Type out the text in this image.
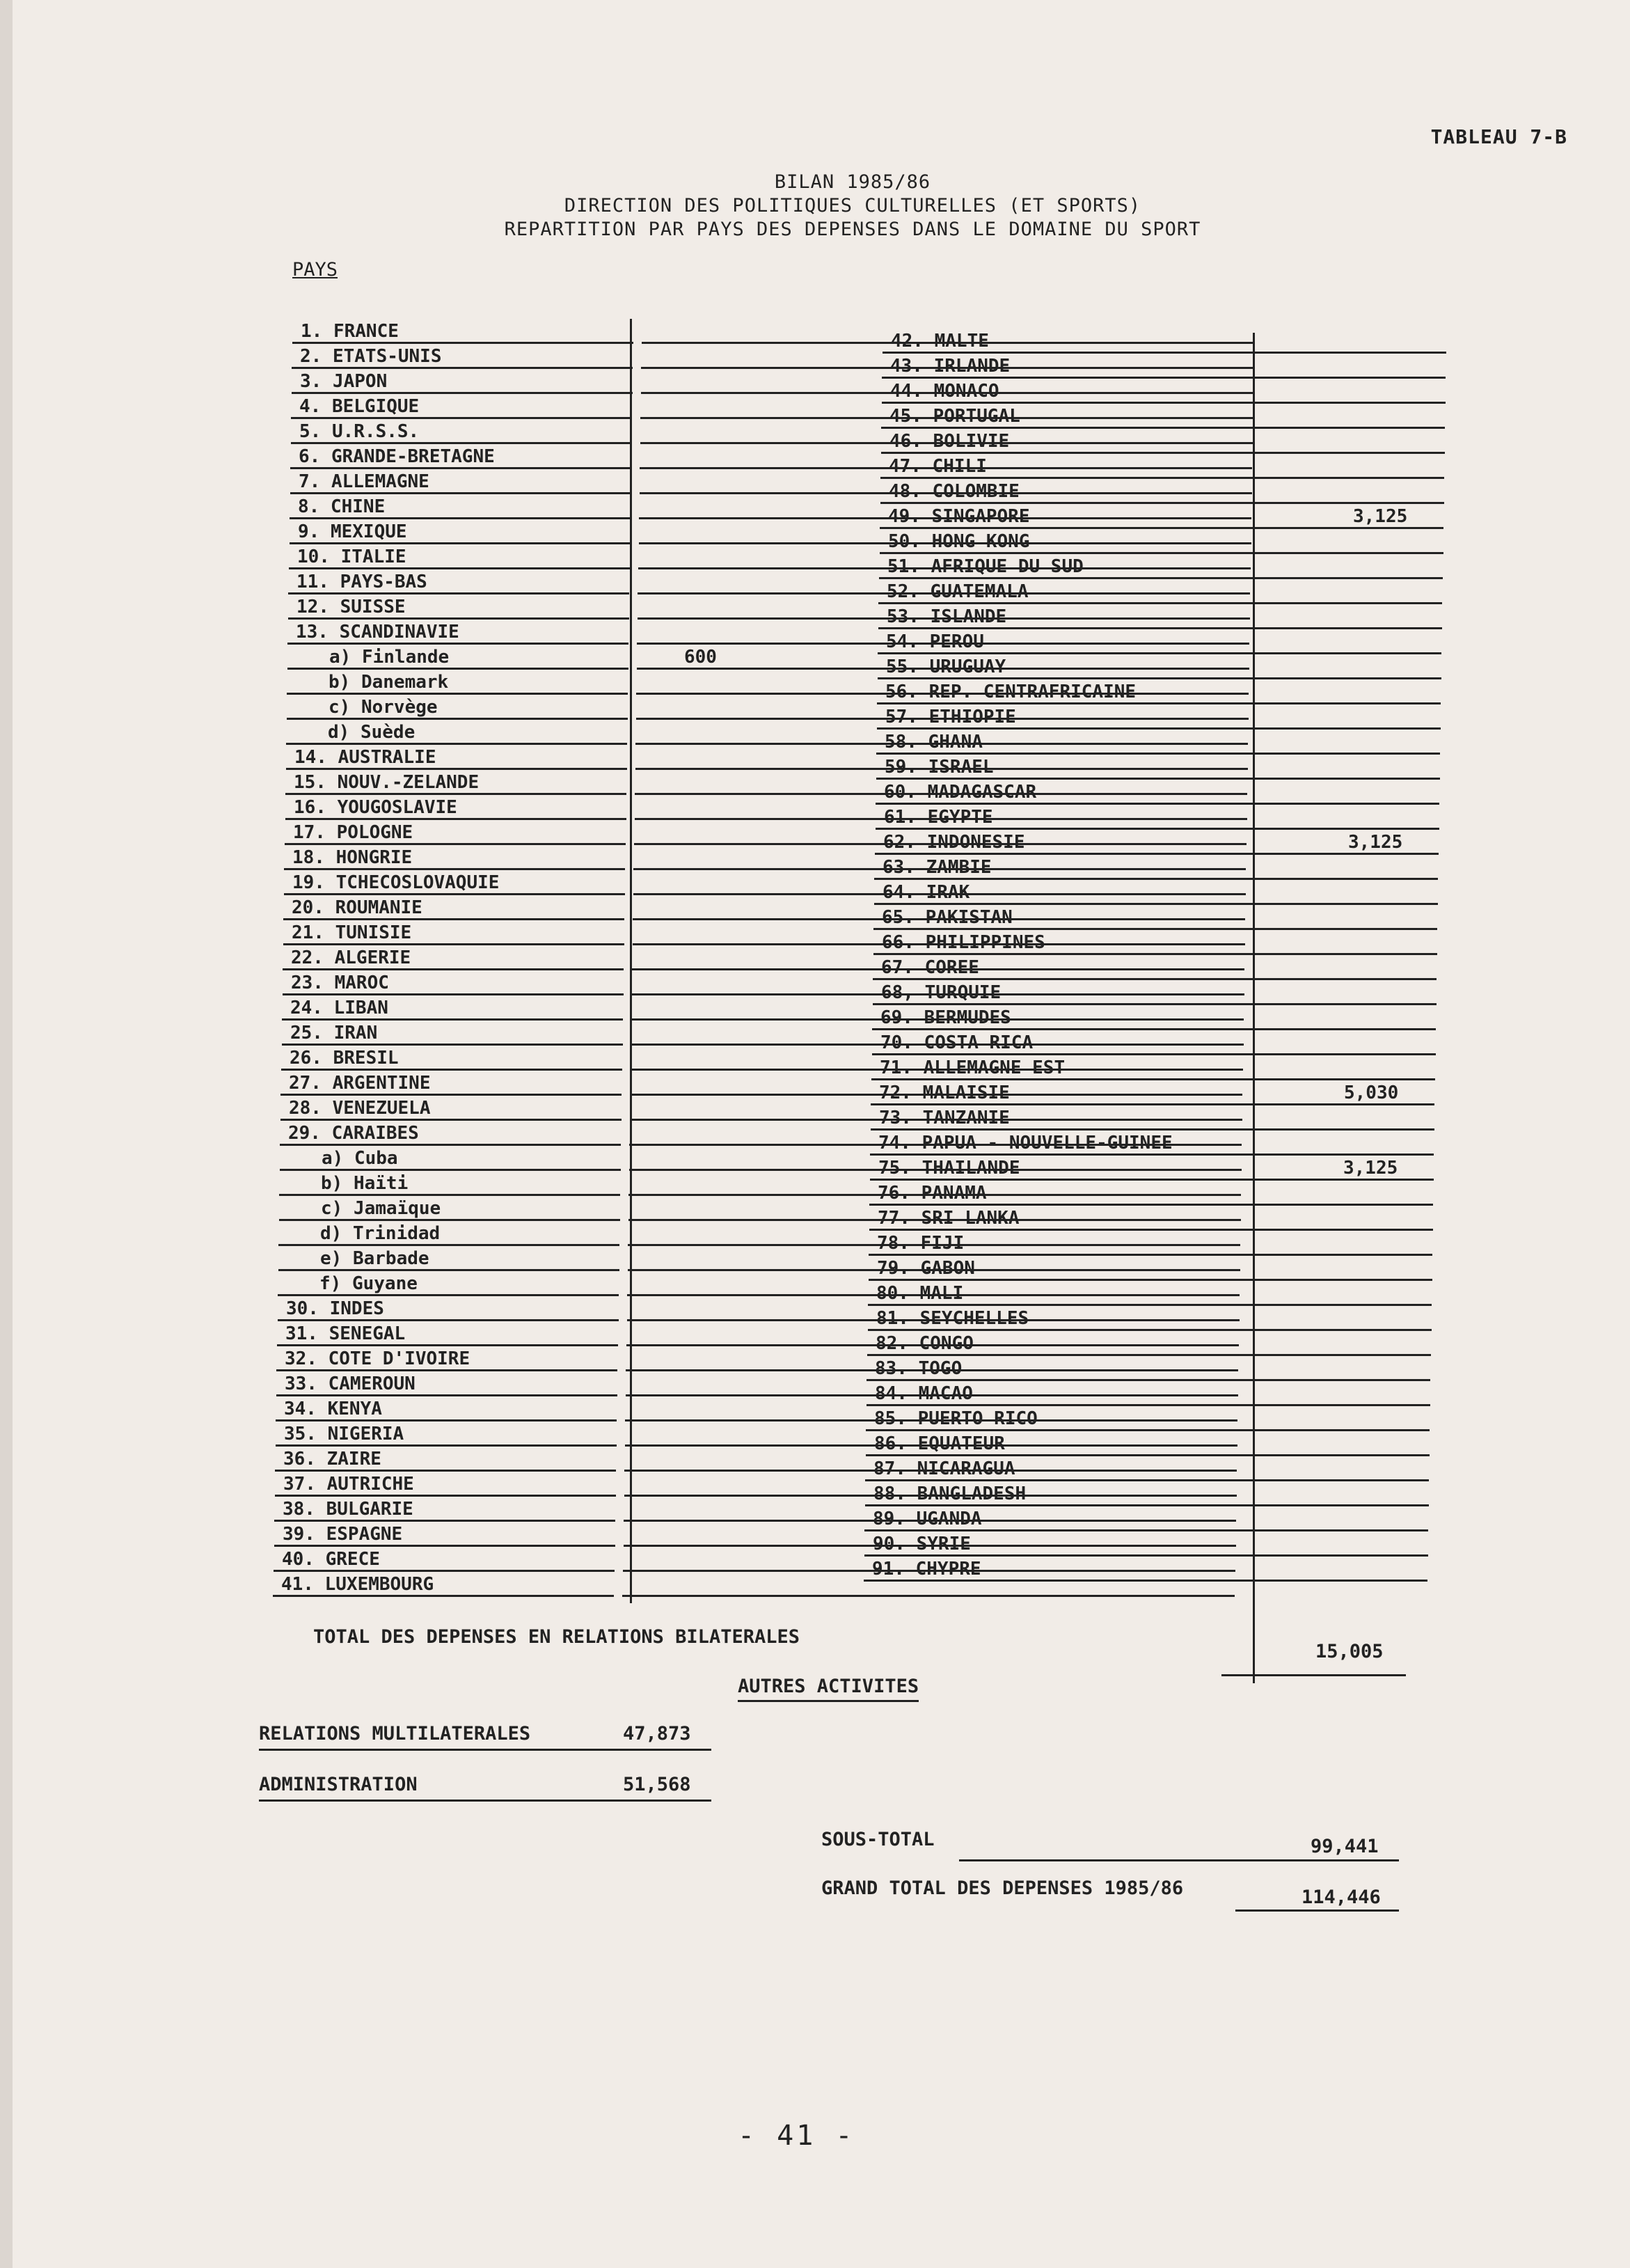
TABLEAU 7-B
BILAN 1985/86
DIRECTION DES POLITIQUES CULTURELLES (ET SPORTS)
REPARTITION PAR PAYS DES DEPENSES DANS LE DOMAINE DU SPORT
PAYS
1. FRANCE
2. ETATS-UNIS
3. JAPON
4. BELGIQUE
5. U.R.S.S.
6. GRANDE-BRETAGNE
7. ALLEMAGNE
8. CHINE
9. MEXIQUE
10. ITALIE
11. PAYS-BAS
12. SUISSE
13. SCANDINAVIE
a) Finlande	600
b) Danemark
c) Norvège
d) Suède
14. AUSTRALIE
15. NOUV.-ZELANDE
16. YOUGOSLAVIE
17. POLOGNE
18. HONGRIE
19. TCHECOSLOVAQUIE
20. ROUMANIE
21. TUNISIE
22. ALGERIE
23. MAROC
24. LIBAN
25. IRAN
26. BRESIL
27. ARGENTINE
28. VENEZUELA
29. CARAIBES
a) Cuba
b) Haïti
c) Jamaïque
d) Trinidad
e) Barbade
f) Guyane
30. INDES
31. SENEGAL
32. COTE D'IVOIRE
33. CAMEROUN
34. KENYA
35. NIGERIA
36. ZAIRE
37. AUTRICHE
38. BULGARIE
39. ESPAGNE
40. GRECE
41. LUXEMBOURG
42. MALTE
43. IRLANDE
44. MONACO
45. PORTUGAL
46. BOLIVIE
47. CHILI
48. COLOMBIE
49. SINGAPORE	3,125
50. HONG KONG
51. AFRIQUE DU SUD
52. GUATEMALA
53. ISLANDE
54. PEROU
55. URUGUAY
56. REP. CENTRAFRICAINE
57. ETHIOPIE
58. GHANA
59. ISRAEL
60. MADAGASCAR
61. EGYPTE
62. INDONESIE	3,125
63. ZAMBIE
64. IRAK
65. PAKISTAN
66. PHILIPPINES
67. COREE
68, TURQUIE
69. BERMUDES
70. COSTA RICA
71. ALLEMAGNE EST
72. MALAISIE	5,030
73. TANZANIE
74. PAPUA - NOUVELLE-GUINEE
75. THAILANDE	3,125
76. PANAMA
77. SRI LANKA
78. FIJI
79. GABON
80. MALI
81. SEYCHELLES
82. CONGO
83. TOGO
84. MACAO
85. PUERTO RICO
86. EQUATEUR
87. NICARAGUA
88. BANGLADESH
89. UGANDA
90. SYRIE
91. CHYPRE
TOTAL DES DEPENSES EN RELATIONS BILATERALES
15,005
AUTRES ACTIVITES
RELATIONS MULTILATERALES	47,873
ADMINISTRATION	51,568
SOUS-TOTAL	99,441
GRAND TOTAL DES DEPENSES 1985/86	114,446
- 41 -
